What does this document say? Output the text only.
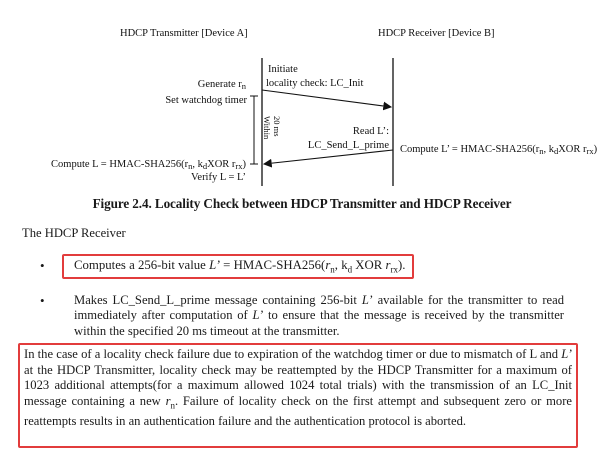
HDCP Transmitter [Device A]	HDCP Receiver [Device B]
Generate rn
Set watchdog timer
Initiate
locality check: LC_Init
Within 20 ms	Read L’:
LC_Send_L_prime Compute L’ = HMAC-SHA256(rn, kdXOR rrx)
Compute L = HMAC-SHA256(rn, kdXOR rrx)
Verify L = L’
Figure 2.4. Locality Check between HDCP Transmitter and HDCP Receiver
The HDCP Receiver
• Computes a 256-bit value L’ = HMAC-$SHA256(r_n$, $k_d$ XOR $r_{rx}$).
• Makes LC_Send_L_prime message containing 256-bit L’ available for the transmitter to read immediately after computation of L’ to ensure that the message is received by the transmitter within the specified 20 ms timeout at the transmitter.
In the case of a locality check failure due to expiration of the watchdog timer or due to mismatch of L and L’ at the HDCP Transmitter, locality check may be reattempted by the HDCP Transmitter for a maximum of 1023 additional attempts(for a maximum allowed 1024 total trials) with the transmission of an LC_Init message containing a new $r_n$. Failure of locality check on the first attempt and subsequent zero or more reattempts results in an authentication failure and the authentication protocol is aborted.
